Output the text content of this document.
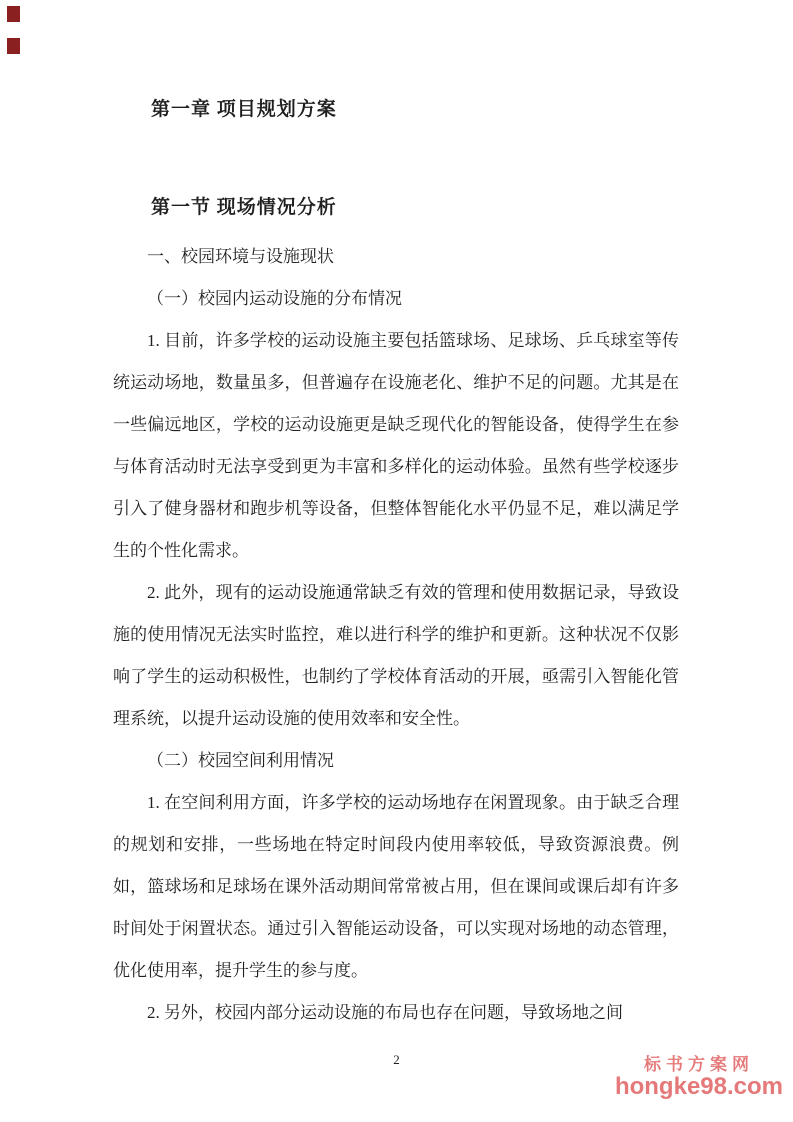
第一章 项目规划方案
第一节 现场情况分析

一、校园环境与设施现状

（一）校园内运动设施的分布情况

1. 目前，许多学校的运动设施主要包括篮球场、足球场、乒乓球室等传统运动场地，数量虽多，但普遍存在设施老化、维护不足的问题。尤其是在一些偏远地区，学校的运动设施更是缺乏现代化的智能设备，使得学生在参与体育活动时无法享受到更为丰富和多样化的运动体验。虽然有些学校逐步引入了健身器材和跑步机等设备，但整体智能化水平仍显不足，难以满足学生的个性化需求。

2. 此外，现有的运动设施通常缺乏有效的管理和使用数据记录，导致设施的使用情况无法实时监控，难以进行科学的维护和更新。这种状况不仅影响了学生的运动积极性，也制约了学校体育活动的开展，亟需引入智能化管理系统，以提升运动设施的使用效率和安全性。

（二）校园空间利用情况

1. 在空间利用方面，许多学校的运动场地存在闲置现象。由于缺乏合理的规划和安排，一些场地在特定时间段内使用率较低，导致资源浪费。例如，篮球场和足球场在课外活动期间常常被占用，但在课间或课后却有许多时间处于闲置状态。通过引入智能运动设备，可以实现对场地的动态管理，优化使用率，提升学生的参与度。

2. 另外，校园内部分运动设施的布局也存在问题，导致场地之间

2	标书方案网
hongke98.com
